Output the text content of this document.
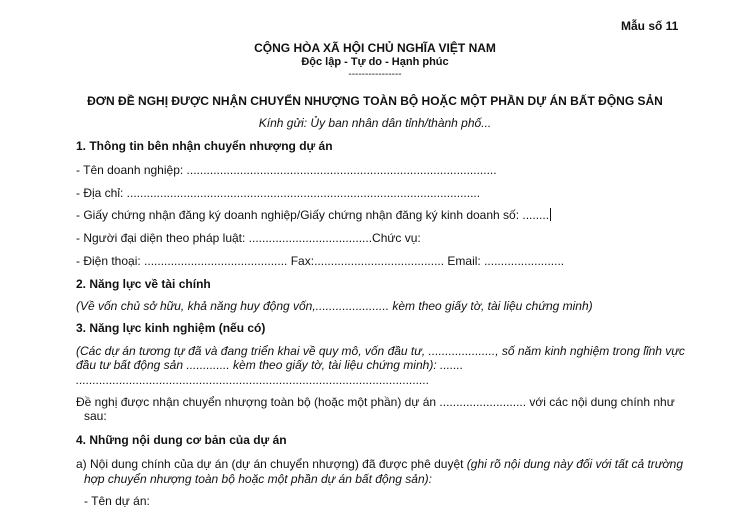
Mẫu số 11
CỘNG HÒA XÃ HỘI CHỦ NGHĨA VIỆT NAM
Độc lập - Tự do - Hạnh phúc
----------------
ĐƠN ĐỀ NGHỊ ĐƯỢC NHẬN CHUYỂN NHƯỢNG TOÀN BỘ HOẶC MỘT PHẦN DỰ ÁN BẤT ĐỘNG SẢN
Kính gửi: Ủy ban nhân dân tỉnh/thành phố...
1. Thông tin bên nhận chuyển nhượng dự án
- Tên doanh nghiệp: .............................................................................................
- Địa chỉ: ..........................................................................................................
- Giấy chứng nhận đăng ký doanh nghiệp/Giấy chứng nhận đăng ký kinh doanh số: ........
- Người đại diện theo pháp luật: .....................................Chức vụ:
- Điện thoại: ........................................... Fax:....................................... Email: ........................
2. Năng lực về tài chính
(Về vốn chủ sở hữu, khả năng huy động vốn,...................... kèm theo giấy tờ, tài liệu chứng minh)
3. Năng lực kinh nghiệm (nếu có)
(Các dự án tương tự đã và đang triển khai về quy mô, vốn đầu tư, ...................., số năm kinh nghiệm trong lĩnh vực
đầu tư bất động sản ............. kèm theo giấy tờ, tài liệu chứng minh): .......
..........................................................................................................
Đề nghị được nhận chuyển nhượng toàn bộ (hoặc một phần) dự án .......................... với các nội dung chính như
sau:
4. Những nội dung cơ bản của dự án
a) Nội dung chính của dự án (dự án chuyển nhượng) đã được phê duyệt (ghi rõ nội dung này đối với tất cả trường
hợp chuyển nhượng toàn bộ hoặc một phần dự án bất động sản):
- Tên dự án:
